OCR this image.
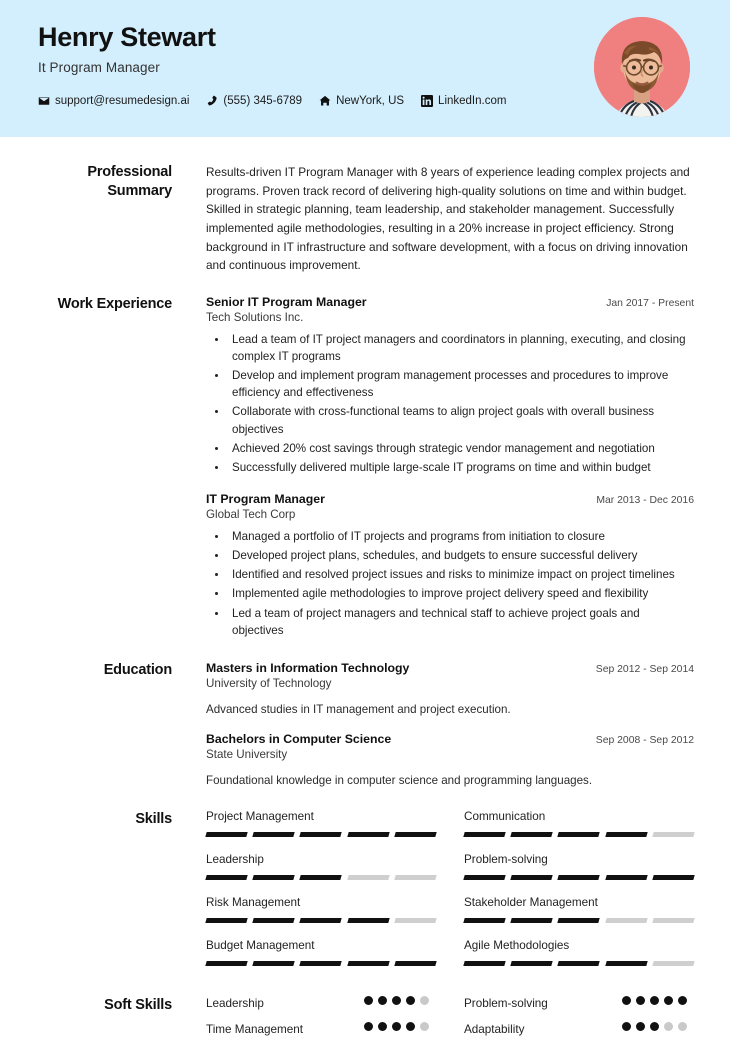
Henry Stewart
It Program Manager
support@resumedesign.ai	(555) 345-6789	NewYork, US	LinkedIn.com
Professional Summary
Results-driven IT Program Manager with 8 years of experience leading complex projects and programs. Proven track record of delivering high-quality solutions on time and within budget. Skilled in strategic planning, team leadership, and stakeholder management. Successfully implemented agile methodologies, resulting in a 20% increase in project efficiency. Strong background in IT infrastructure and software development, with a focus on driving innovation and continuous improvement.
Work Experience	Senior IT Program Manager	Jan 2017 - Present
Tech Solutions Inc.
• Lead a team of IT project managers and coordinators in planning, executing, and closing complex IT programs
• Develop and implement program management processes and procedures to improve efficiency and effectiveness
• Collaborate with cross-functional teams to align project goals with overall business objectives
• Achieved 20% cost savings through strategic vendor management and negotiation
• Successfully delivered multiple large-scale IT programs on time and within budget
IT Program Manager	Mar 2013 - Dec 2016
Global Tech Corp
• Managed a portfolio of IT projects and programs from initiation to closure
• Developed project plans, schedules, and budgets to ensure successful delivery
• Identified and resolved project issues and risks to minimize impact on project timelines
• Implemented agile methodologies to improve project delivery speed and flexibility
• Led a team of project managers and technical staff to achieve project goals and objectives
Education	Masters in Information Technology	Sep 2012 - Sep 2014
University of Technology
Advanced studies in IT management and project execution.
Bachelors in Computer Science	Sep 2008 - Sep 2012
State University
Foundational knowledge in computer science and programming languages.
Skills	Project Management	Communication
Leadership	Problem-solving
Risk Management	Stakeholder Management
Budget Management	Agile Methodologies
Soft Skills	Leadership	Problem-solving
Time Management	Adaptability
